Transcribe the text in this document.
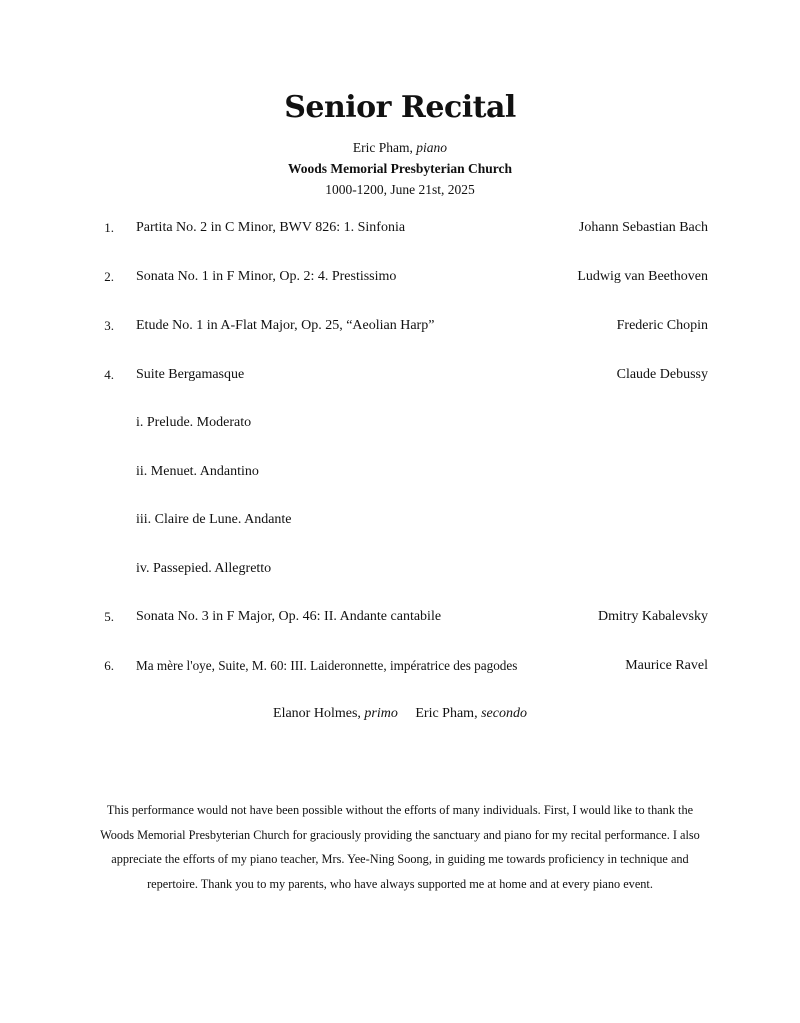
Senior Recital
Eric Pham, piano
Woods Memorial Presbyterian Church
1000-1200, June 21st, 2025
1. Partita No. 2 in C Minor, BWV 826: 1. Sinfonia	Johann Sebastian Bach
2. Sonata No. 1 in F Minor, Op. 2: 4. Prestissimo	Ludwig van Beethoven
3. Etude No. 1 in A-Flat Major, Op. 25, “Aeolian Harp”	Frederic Chopin
4. Suite Bergamasque	Claude Debussy
i. Prelude. Moderato
ii. Menuet. Andantino
iii. Claire de Lune. Andante
iv. Passepied. Allegretto
5. Sonata No. 3 in F Major, Op. 46: II. Andante cantabile	Dmitry Kabalevsky
6. Ma mère l'oye, Suite, M. 60: III. Laideronnette, impératrice des pagodes	Maurice Ravel
Elanor Holmes, primo Eric Pham, secondo
This performance would not have been possible without the efforts of many individuals. First, I would like to thank the Woods Memorial Presbyterian Church for graciously providing the sanctuary and piano for my recital performance. I also appreciate the efforts of my piano teacher, Mrs. Yee-Ning Soong, in guiding me towards proficiency in technique and repertoire. Thank you to my parents, who have always supported me at home and at every piano event.
